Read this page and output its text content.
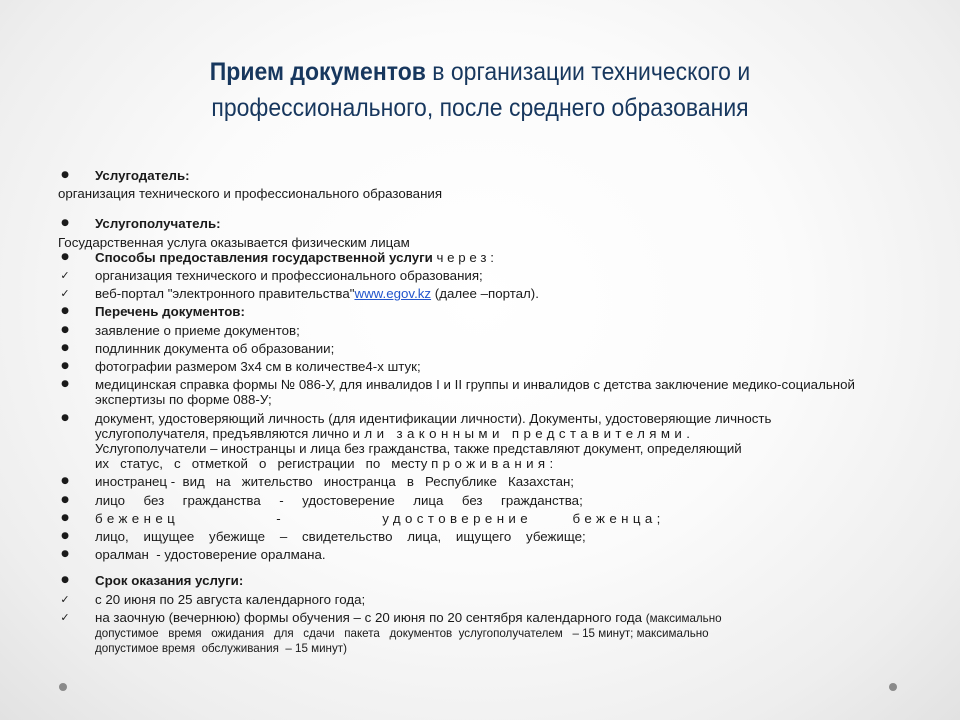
Прием документов в организации технического и
профессионального, после среднего образования
● Услугодатель:
организация технического и профессионального образования
● Услугополучатель:
Государственная услуга оказывается физическим лицам
● Способы предоставления государственной услуги ч е р е з :
✓ организация технического и профессионального образования;
✓ веб-портал "электронного правительства"www.egov.kz (далее –портал).
● Перечень документов:
● заявление о приеме документов;
● подлинник документа об образовании;
● фотографии размером 3х4 см в количестве4-х штук;
● медицинская справка формы № 086-У, для инвалидов I и II группы и инвалидов с детства заключение медико-социальной экспертизы по форме 088-У;
● документ, удостоверяющий личность (для идентификации личности). Документы, удостоверяющие личность
услугополучателя, предъявляются лично или законными представителями.
Услугополучатели – иностранцы и лица без гражданства, также представляют документ, определяющий
их   статус,   с   отметкой   о   регистрации   по   месту проживания:
● иностранец -  вид   на   жительство   иностранца   в   Республике   Казахстан;
● лицо     без     гражданства     -     удостоверение     лица     без     гражданства;
● беженец            -            удостоверение     беженца;
● лицо,    ищущее    убежище    –    свидетельство    лица,    ищущего    убежище;
● оралман  - удостоверение оралмана.
● Срок оказания услуги:
✓ с 20 июня по 25 августа календарного года;
✓ на заочную (вечернюю) формы обучения – с 20 июня по 20 сентября календарного года (максимально
допустимое   время   ожидания   для   сдачи   пакета   документов  услугополучателем   – 15 минут; максимально
допустимое время  обслуживания  – 15 минут)
